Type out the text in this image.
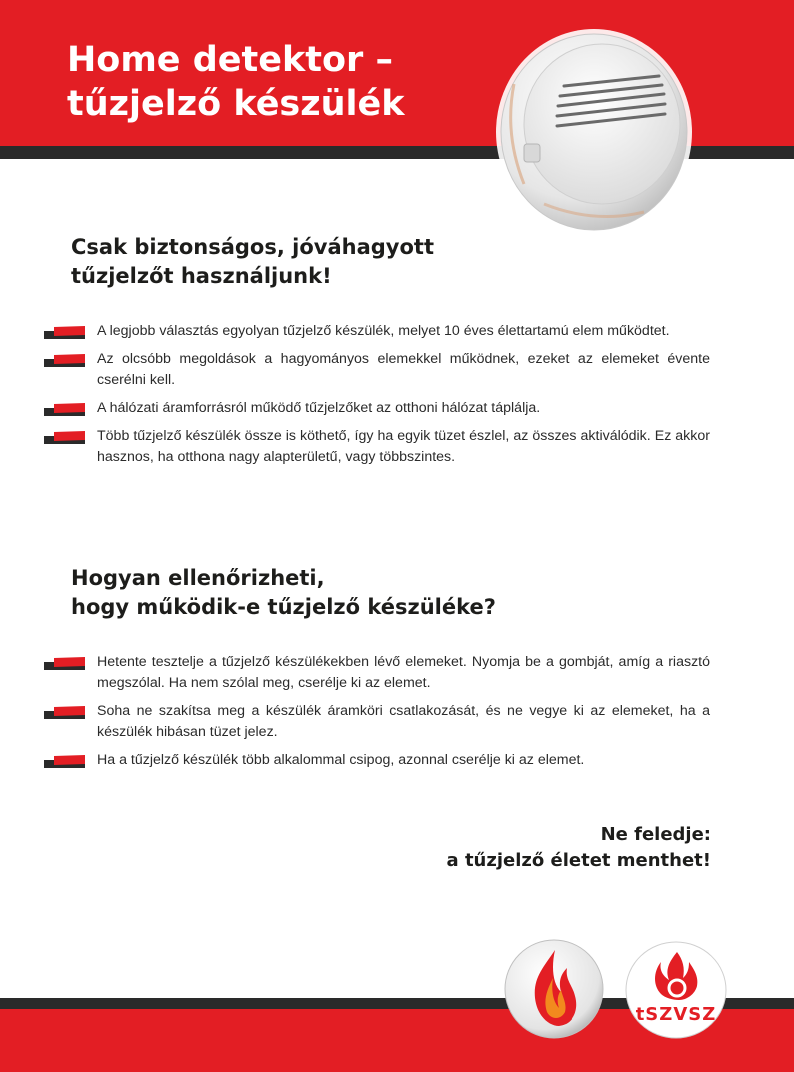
Home detektor –
tűzjelző készülék
Csak biztonságos, jóváhagyott
tűzjelzőt használjunk!
A legjobb választás egyolyan tűzjelző készülék, melyet 10 éves élettartamú elem működtet.
Az olcsóbb megoldások a hagyományos elemekkel működnek, ezeket az elemeket évente cserélni kell.
A hálózati áramforrásról működő tűzjelzőket az otthoni hálózat táplálja.
Több tűzjelző készülék össze is köthető, így ha egyik tüzet észlel, az összes aktiválódik. Ez akkor hasznos, ha otthona nagy alapterületű, vagy többszintes.
Hogyan ellenőrizheti,
hogy működik-e tűzjelző készüléke?
Hetente tesztelje a tűzjelző készülékekben lévő elemeket. Nyomja be a gombját, amíg a riasztó megszólal. Ha nem szólal meg, cserélje ki az elemet.
Soha ne szakítsa meg a készülék áramköri csatlakozását, és ne vegye ki az elemeket, ha a készülék hibásan tüzet jelez.
Ha a tűzjelző készülék több alkalommal csipog, azonnal cserélje ki az elemet.

Ne feledje:
a tűzjelző életet menthet!

tSZVSZ
